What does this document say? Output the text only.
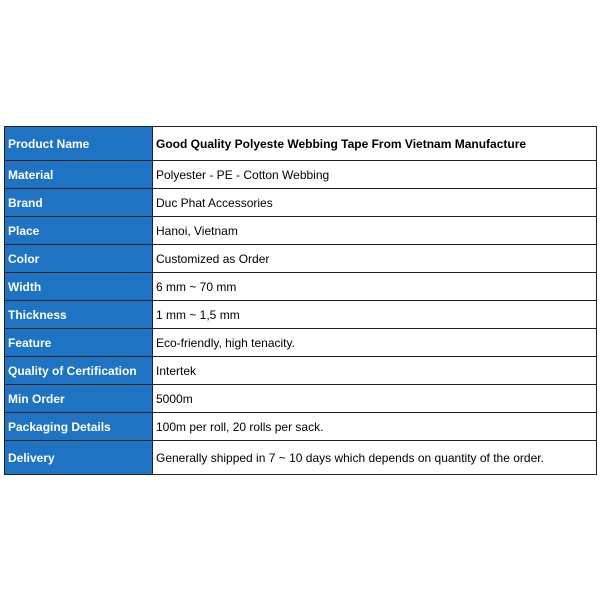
Product Name	Good Quality Polyeste Webbing Tape From Vietnam Manufacture
Material	Polyester - PE - Cotton Webbing
Brand	Duc Phat Accessories
Place	Hanoi, Vietnam
Color	Customized as Order
Width	6 mm ~ 70 mm
Thickness	1 mm ~ 1,5 mm
Feature	Eco-friendly, high tenacity.
Quality of Certification	Intertek
Min Order	5000m
Packaging Details	100m per roll, 20 rolls per sack.
Delivery	Generally shipped in 7 ~ 10 days which depends on quantity of the order.
